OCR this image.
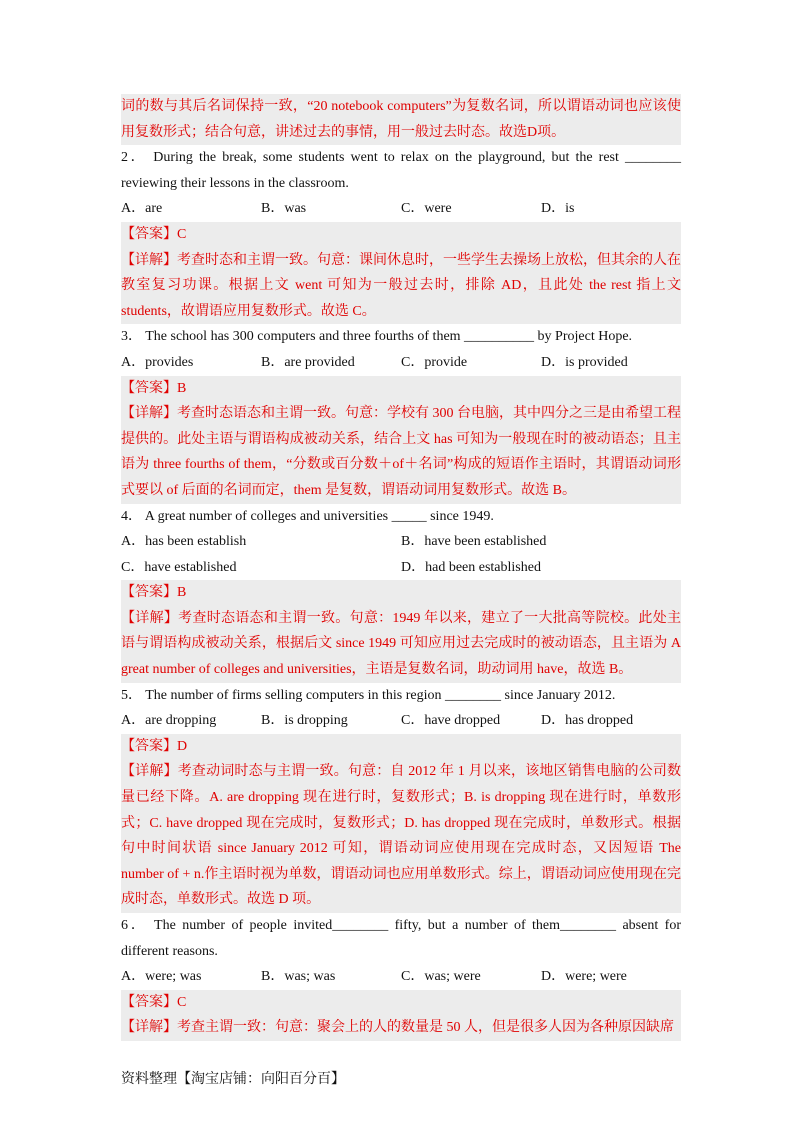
词的数与其后名词保持一致，“20 notebook computers”为复数名词，所以谓语动词也应该使用复数形式；结合句意，讲述过去的事情，用一般过去时态。故选D项。
2． During the break, some students went to relax on the playground, but the rest ________ reviewing their lessons in the classroom.
A．are	B．was	C．were	D．is
【答案】C
【详解】考查时态和主谓一致。句意：课间休息时，一些学生去操场上放松，但其余的人在教室复习功课。根据上文 went 可知为一般过去时，排除 AD，且此处 the rest 指上文 students，故谓语应用复数形式。故选 C。
3． The school has 300 computers and three fourths of them __________ by Project Hope.
A．provides	B．are provided	C．provide	D．is provided
【答案】B
【详解】考查时态语态和主谓一致。句意：学校有 300 台电脑，其中四分之三是由希望工程提供的。此处主语与谓语构成被动关系，结合上文 has 可知为一般现在时的被动语态；且主语为 three fourths of them，“分数或百分数＋of＋名词”构成的短语作主语时，其谓语动词形式要以 of 后面的名词而定，them 是复数，谓语动词用复数形式。故选 B。
4． A great number of colleges and universities _____ since 1949.
A．has been establish	B．have been established
C．have established	D．had been established
【答案】B
【详解】考查时态语态和主谓一致。句意：1949 年以来，建立了一大批高等院校。此处主语与谓语构成被动关系，根据后文 since 1949 可知应用过去完成时的被动语态，且主语为 A great number of colleges and universities，主语是复数名词，助动词用 have，故选 B。
5． The number of firms selling computers in this region ________ since January 2012.
A．are dropping	B．is dropping	C．have dropped	D．has dropped
【答案】D
【详解】考查动词时态与主谓一致。句意：自 2012 年 1 月以来，该地区销售电脑的公司数量已经下降。A. are dropping 现在进行时，复数形式；B. is dropping 现在进行时，单数形式；C. have dropped 现在完成时，复数形式；D. has dropped 现在完成时，单数形式。根据句中时间状语 since January 2012 可知，谓语动词应使用现在完成时态，又因短语 The number of + n.作主语时视为单数，谓语动词也应用单数形式。综上，谓语动词应使用现在完成时态，单数形式。故选 D 项。
6． The number of people invited________ fifty, but a number of them________ absent for different reasons.
A．were; was	B．was; was	C．was; were	D．were; were
【答案】C
【详解】考查主谓一致：句意：聚会上的人的数量是 50 人，但是很多人因为各种原因缺席
资料整理【淘宝店铺：向阳百分百】
